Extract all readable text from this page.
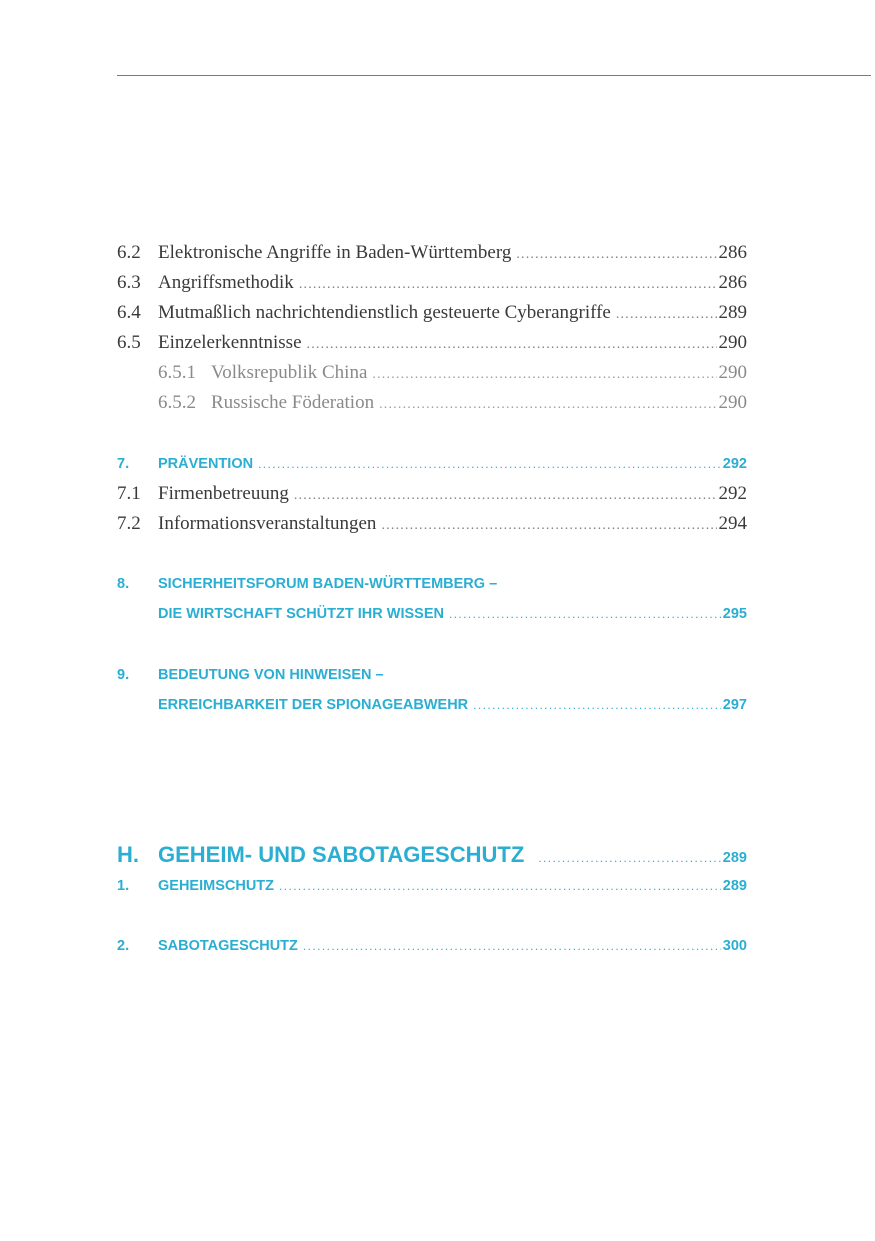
6.2 Elektronische Angriffe in Baden-Württemberg .....	286
6.3 Angriffsmethodik .....	286
6.4 Mutmaßlich nachrichtendienstlich gesteuerte Cyberangriffe .....	289
6.5 Einzelerkenntnisse .....	290
6.5.1 Volksrepublik China .....	290
6.5.2 Russische Föderation .....	290
7.	PRÄVENTION .....	292
7.1 Firmenbetreuung .....	292
7.2 Informationsveranstaltungen .....	294
8.	SICHERHEITSFORUM BADEN-WÜRTTEMBERG –
DIE WIRTSCHAFT SCHÜTZT IHR WISSEN .....	295
9.	BEDEUTUNG VON HINWEISEN –
ERREICHBARKEIT DER SPIONAGEABWEHR .....	297
H. GEHEIM- UND SABOTAGESCHUTZ .....	289
1.	GEHEIMSCHUTZ .....	289
2.	SABOTAGESCHUTZ .....	300
